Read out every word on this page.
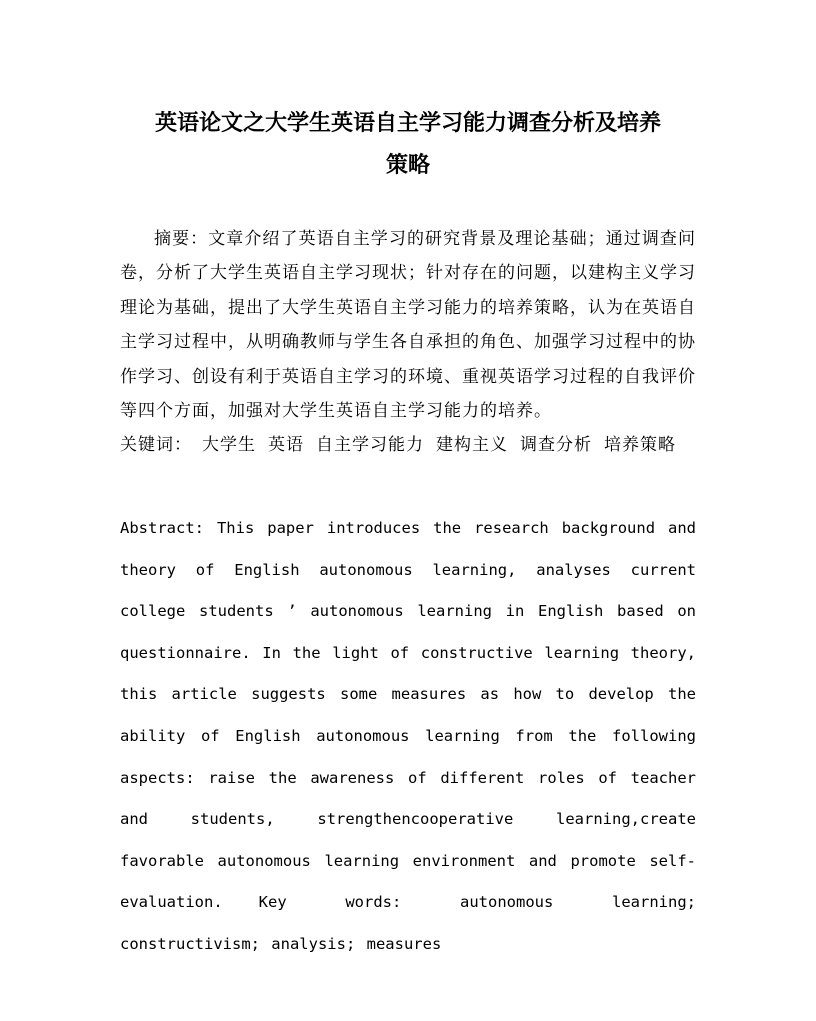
英语论文之大学生英语自主学习能力调查分析及培养
策略

摘要：文章介绍了英语自主学习的研究背景及理论基础；通过调查问卷，分析了大学生英语自主学习现状；针对存在的问题，以建构主义学习理论为基础，提出了大学生英语自主学习能力的培养策略，认为在英语自主学习过程中，从明确教师与学生各自承担的角色、加强学习过程中的协作学习、创设有利于英语自主学习的环境、重视英语学习过程的自我评价等四个方面，加强对大学生英语自主学习能力的培养。
关键词： 大学生 英语 自主学习能力 建构主义 调查分析 培养策略

Abstract: This paper introduces the research background and theory of English autonomous learning, analyses current college students ’ autonomous learning in English based on questionnaire. In the light of constructive learning theory, this article suggests some measures as how to develop the ability of English autonomous learning from the following aspects: raise the awareness of different roles of teacher and students, strengthencooperative learning,create favorable autonomous learning environment and promote self-evaluation. Key words:	autonomous learning; constructivism; analysis; measures
